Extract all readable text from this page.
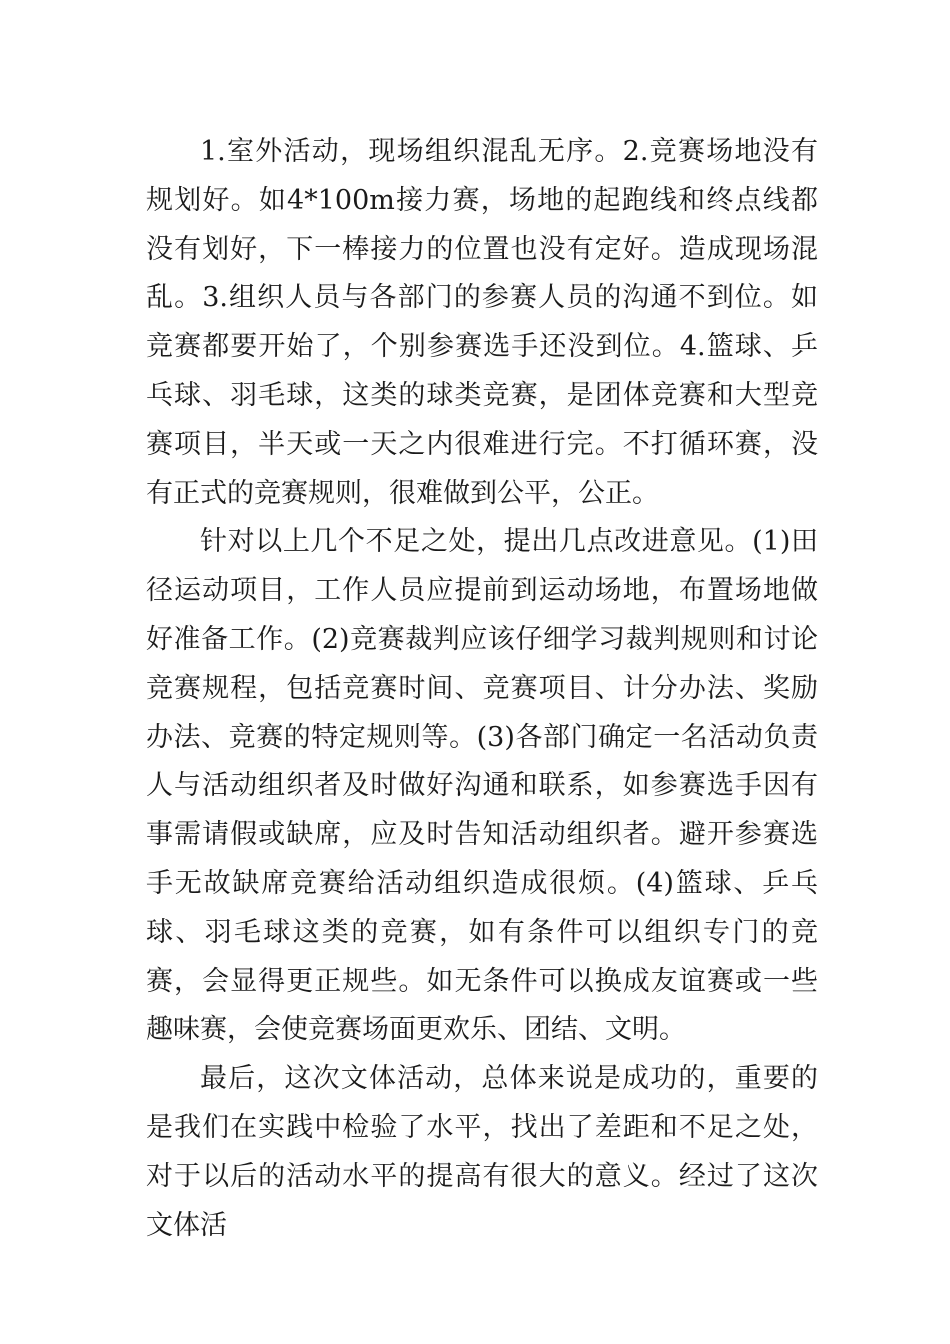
1.室外活动，现场组织混乱无序。2.竞赛场地没有规划好。如4*100m接力赛，场地的起跑线和终点线都没有划好，下一棒接力的位置也没有定好。造成现场混乱。3.组织人员与各部门的参赛人员的沟通不到位。如竞赛都要开始了，个别参赛选手还没到位。4.篮球、乒乓球、羽毛球，这类的球类竞赛，是团体竞赛和大型竞赛项目，半天或一天之内很难进行完。不打循环赛，没有正式的竞赛规则，很难做到公平，公正。

针对以上几个不足之处，提出几点改进意见。(1)田径运动项目，工作人员应提前到运动场地，布置场地做好准备工作。(2)竞赛裁判应该仔细学习裁判规则和讨论竞赛规程，包括竞赛时间、竞赛项目、计分办法、奖励办法、竞赛的特定规则等。(3)各部门确定一名活动负责人与活动组织者及时做好沟通和联系，如参赛选手因有事需请假或缺席，应及时告知活动组织者。避开参赛选手无故缺席竞赛给活动组织造成很烦。(4)篮球、乒乓球、羽毛球这类的竞赛，如有条件可以组织专门的竞赛，会显得更正规些。如无条件可以换成友谊赛或一些趣味赛，会使竞赛场面更欢乐、团结、文明。

最后，这次文体活动，总体来说是成功的，重要的是我们在实践中检验了水平，找出了差距和不足之处，对于以后的活动水平的提高有很大的意义。经过了这次文体活
